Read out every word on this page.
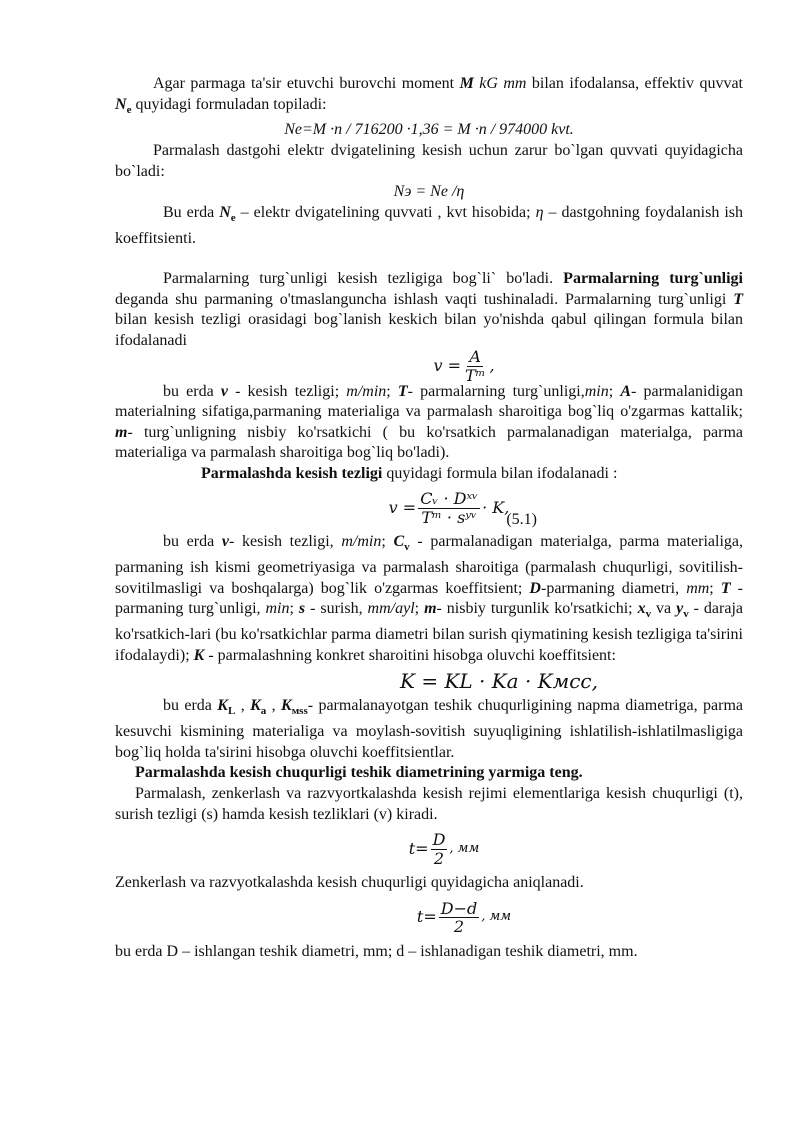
Agar parmaga ta'sir etuvchi burovchi moment M kG mm bilan ifodalansa, effektiv quvvat $N_e$ quyidagi formuladan topiladi:

Ne=M ·n / 716200 ·1,36 = M ·n / 974000 kvt.

Parmalash dastgohi elektr dvigatelining kesish uchun zarur bo`lgan quvvati quyidagicha bo`ladi:

Nэ = Ne /η

Bu erda $N_e$ – elektr dvigatelining quvvati , kvt hisobida; η – dastgohning foydalanish ish koeffitsienti.

Parmalarning turg`unligi kesish tezligiga bog`li` bo'ladi. Parmalarning turg`unligi deganda shu parmaning o'tmaslanguncha ishlash vaqti tushinaladi. Parmalarning turg`unligi T bilan kesish tezligi orasidagi bog`lanish keskich bilan yo'nishda qabul qilingan formula bilan ifodalanadi

$v = \frac{A}{\text{Tᵐ}}$ ,

bu erda v - kesish tezligi; m/min; T- parmalarning turg`unligi,min; A- parmalanidigan materialning sifatiga,parmaning materialiga va parmalash sharoitiga bog`liq o'zgarmas kattalik; m- turg`unligning nisbiy ko'rsatkichi ( bu ko'rsatkich parmalanadigan materialga, parma materialiga va parmalash sharoitiga bog`liq bo'ladi).

Parmalashda kesish tezligi quyidagi formula bilan ifodalanadi :

$v = \frac{\text{Cᵥ · Dˣᵛ}}{\text{Tᵐ · sʸᵛ}} \cdot K$,
(5.1)

bu erda v- kesish tezligi, m/min; $C_v$ - parmalanadigan materialga, parma materialiga, parmaning ish kismi geometriyasiga va parmalash sharoitiga (parmalash chuqurligi, sovitilish-sovitilmasligi va boshqalarga) bog`lik o'zgarmas koeffitsient; D-parmaning diametri, mm; T - parmaning turg`unligi, min; s - surish, mm/ayl; m- nisbiy turgunlik ko'rsatkichi; $x_v$ va $y_v$ - daraja ko'rsatkich-lari (bu ko'rsatkichlar parma diametri bilan surish qiymatining kesish tezligiga ta'sirini ifodalaydi); K - parmalashning konkret sharoitini hisobga oluvchi koeffitsient:

K = KL · Ka · Kмсс,

bu erda $K_L$ , $K_a$ , $K_{мss}-$ parmalanayotgan teshik chuqurligining napma diametriga, parma kesuvchi kismining materialiga va moylash-sovitish suyuqligining ishlatilish-ishlatilmasligiga bog`liq holda ta'sirini hisobga oluvchi koeffitsientlar.

Parmalashda kesish chuqurligi teshik diametrining yarmiga teng.

Parmalash, zenkerlash va razvyortkalashda kesish rejimi elementlariga kesish chuqurligi (t), surish tezligi (s) hamda kesish tezliklari (v) kiradi.

$t= \frac{D}{2}$ , мм

Zenkerlash va razvyotkalashda kesish chuqurligi quyidagicha aniqlanadi.

$t= \frac{D-d}{2}$ , мм

bu erda D – ishlangan teshik diametri, mm; d – ishlanadigan teshik diametri, mm.
